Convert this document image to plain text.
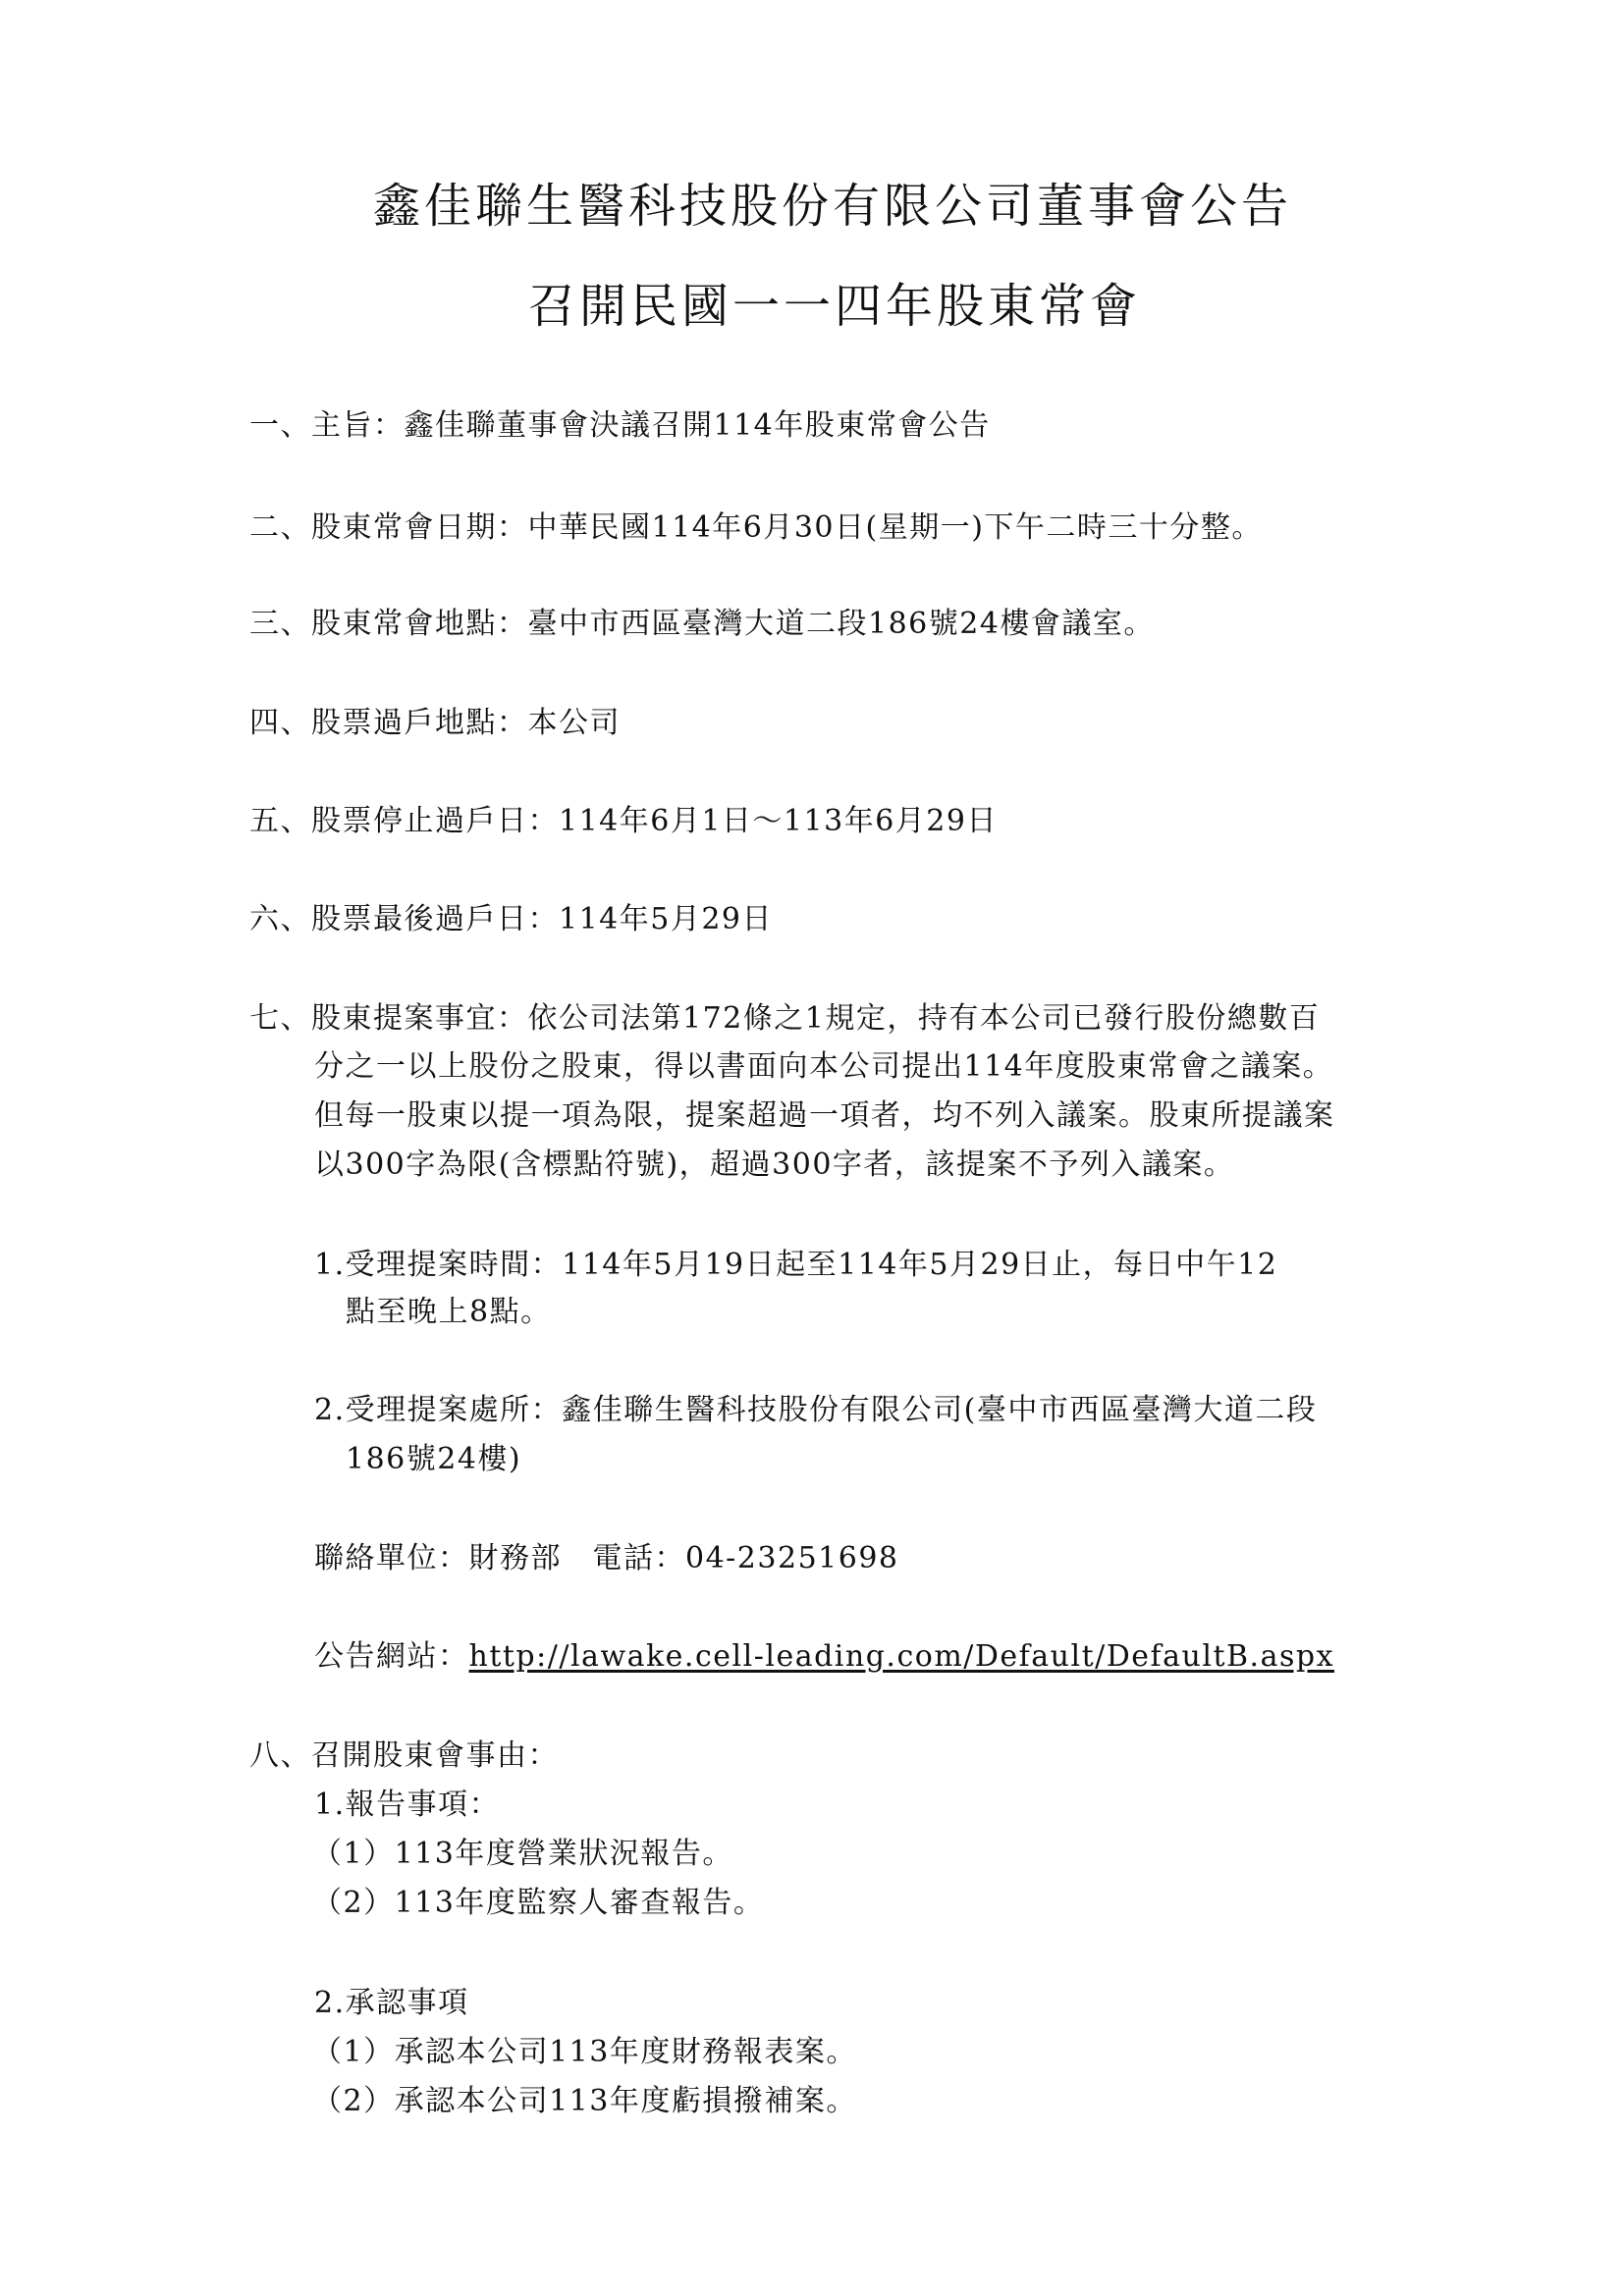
鑫佳聯生醫科技股份有限公司董事會公告
召開民國一一四年股東常會
一、主旨：鑫佳聯董事會決議召開114年股東常會公告
二、股東常會日期：中華民國114年6月30日(星期一)下午二時三十分整。
三、股東常會地點：臺中市西區臺灣大道二段186號24樓會議室。
四、股票過戶地點：本公司
五、股票停止過戶日：114年6月1日～113年6月29日
六、股票最後過戶日：114年5月29日
七、股東提案事宜：依公司法第172條之1規定，持有本公司已發行股份總數百
分之一以上股份之股東，得以書面向本公司提出114年度股東常會之議案。
但每一股東以提一項為限，提案超過一項者，均不列入議案。股東所提議案
以300字為限(含標點符號)，超過300字者，該提案不予列入議案。
1.受理提案時間：114年5月19日起至114年5月29日止，每日中午12
點至晚上8點。
2.受理提案處所：鑫佳聯生醫科技股份有限公司(臺中市西區臺灣大道二段
186號24樓)
聯絡單位：財務部　電話：04-23251698
公告網站：http://lawake.cell-leading.com/Default/DefaultB.aspx
八、召開股東會事由：
1.報告事項：
（1）113年度營業狀況報告。
（2）113年度監察人審查報告。
2.承認事項
（1）承認本公司113年度財務報表案。
（2）承認本公司113年度虧損撥補案。
